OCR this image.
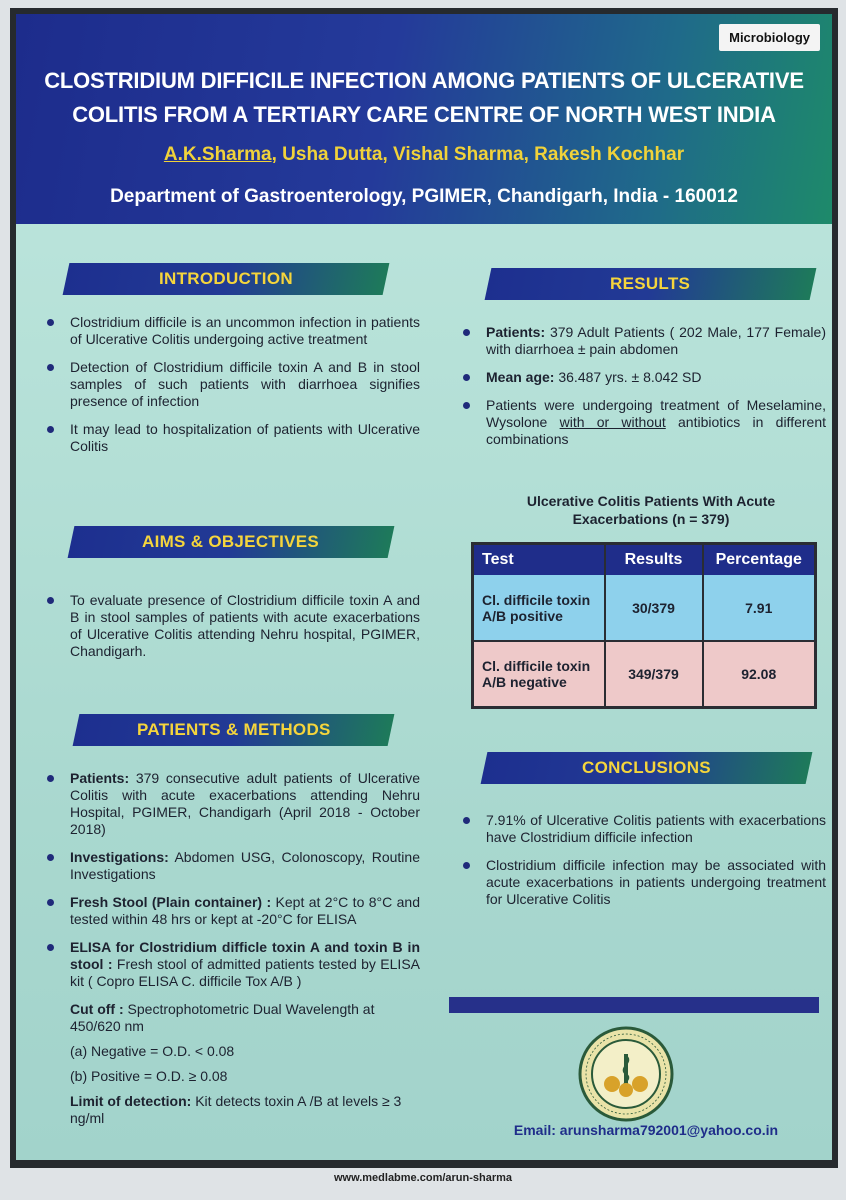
Microbiology
CLOSTRIDIUM DIFFICILE INFECTION AMONG PATIENTS OF ULCERATIVE
COLITIS FROM A TERTIARY CARE CENTRE OF NORTH WEST INDIA
A.K.Sharma, Usha Dutta, Vishal Sharma, Rakesh Kochhar
Department of Gastroenterology, PGIMER, Chandigarh, India - 160012
INTRODUCTION
Clostridium difficile is an uncommon infection in patients of Ulcerative Colitis undergoing active treatment
Detection of Clostridium difficile toxin A and B in stool samples of such patients with diarrhoea signifies presence of infection
It may lead to hospitalization of patients with Ulcerative Colitis
AIMS & OBJECTIVES
To evaluate presence of Clostridium difficile toxin A and B in stool samples of patients with acute exacerbations of Ulcerative Colitis attending Nehru hospital, PGIMER, Chandigarh.
PATIENTS & METHODS
Patients: 379 consecutive adult patients of Ulcerative Colitis with acute exacerbations attending Nehru Hospital, PGIMER, Chandigarh (April 2018 - October 2018)
Investigations: Abdomen USG, Colonoscopy, Routine Investigations
Fresh Stool (Plain container) : Kept at 2°C to 8°C and tested within 48 hrs or kept at -20°C for ELISA
ELISA for Clostridium difficle toxin A and toxin B in stool : Fresh stool of admitted patients tested by ELISA kit ( Copro ELISA C. difficile Tox A/B )
Cut off : Spectrophotometric Dual Wavelength at 450/620 nm
(a) Negative = O.D. < 0.08
(b) Positive = O.D. ≥ 0.08
Limit of detection: Kit detects toxin A /B at levels ≥ 3 ng/ml
RESULTS
Patients: 379 Adult Patients ( 202 Male, 177 Female) with diarrhoea ± pain abdomen
Mean age: 36.487 yrs. ± 8.042 SD
Patients were undergoing treatment of Meselamine, Wysolone with or without antibiotics in different combinations
Ulcerative Colitis Patients With Acute
Exacerbations (n = 379)
Test	Results	Percentage
Cl. difficile toxin A/B positive	30/379	7.91
Cl. difficile toxin A/B negative	349/379	92.08
CONCLUSIONS
7.91% of Ulcerative Colitis patients with exacerbations have Clostridium difficile infection
Clostridium difficile infection may be associated with acute exacerbations in patients undergoing treatment for Ulcerative Colitis
Email: arunsharma792001@yahoo.co.in
www.medlabme.com/arun-sharma
